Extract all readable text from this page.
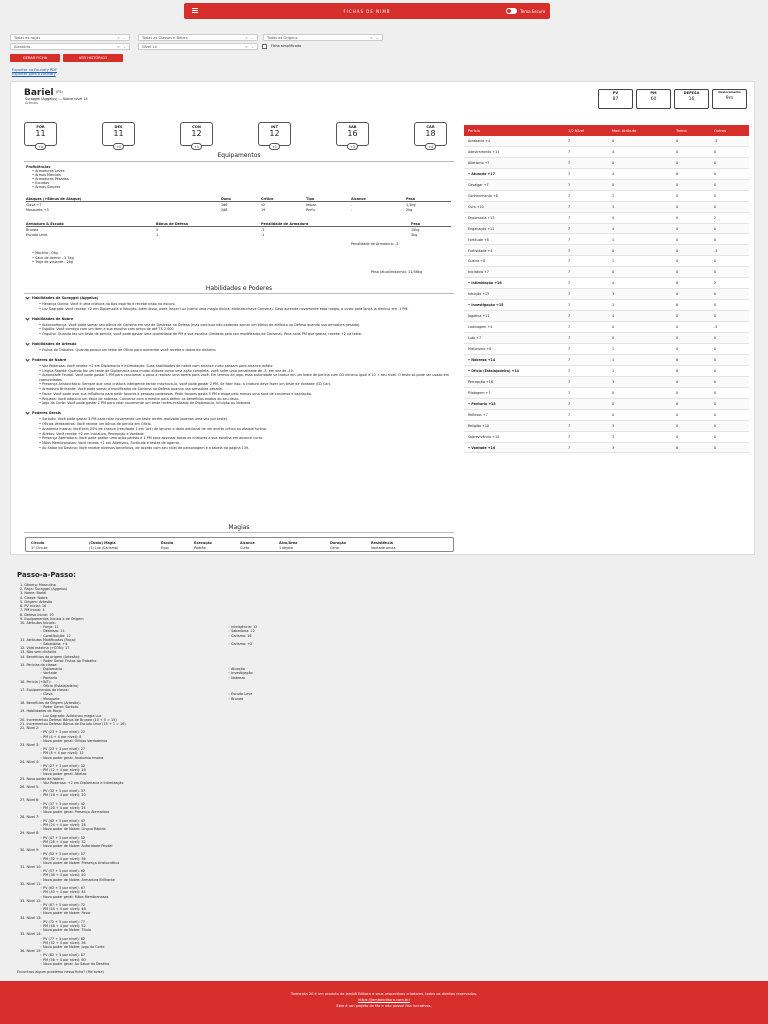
FICHAS DE NIMB	Tema Escuro
Todas as raças	× ⌄	Todas as Classes e Bebes	× ⌄	Todas as Origens	× ⌄
Aleatória	× ⌄	Nível 14	× ⌄	Ficha simplificada
GERAR FICHA	VER HISTÓRICO
Exportar no Foundry PDF
Exportar para o Foundry
Bariel (P1)
Suraggel (Aggelus) — Nobre nível 14
Artesão
PV
87
PM
60
DEFESA
16
Deslocamento
9m
FOR
11
+0
DES
11
+0
CON
12
+1
INT
12
+1
SAB
16
+3
CAR
18
+4
Equipamentos
Proficiências
• Armaduras Leves
• Armas Marciais
• Armaduras Pesadas
• Escudos
• Armas Simples
Ataques (+Bônus de Ataque)	Dano	Crítico	Tipo	Alcance	Peso
Clava +7	1d6	x2	Impac.	-	1,5kg
Mosquete +3	2d8	19	Perfu.	-	2kg
Armadura & Escudo	Bônus de Defesa	Penalidade de Armadura	Peso
Brunea	5	-2	15kg
Escudo Leve	1	-1	3kg
Penalidade de Armadura: -3
• Mochila - 0kg
• Saco de dormir - 2.5kg
• Traje de viajante - 2kg
Peso (atual/máximo): 21/36kg
Habilidades e Poderes
Habilidades de Suraggel (Aggelus)
• Herança Divina: Você é uma criatura do tipo espírito e recebe visão no escuro.
• Luz Sagrada: Você recebe +2 em Diplomacia e Intuição. Além disso, pode lançar Luz (como uma magia divina; atributo-chave Carisma). Caso aprenda novamente essa magia, o custo para lançá-la diminui em -1 PM.
Habilidades de Nobre
• Autoconfiança: Você pode somar seu bônus de Carisma em vez de Destreza na Defesa (mas continua não podendo somar um bônus de atributo na Defesa quando usa armadura pesada).
• Espólio: Você começa com um item a sua escolha com preço de até T$ 2.000.
• Orgulho: Quando faz um teste de perícia, você pode gastar uma quantidade de PM a sua escolha (limitado pelo seu modificador de Carisma). Para cada PM que gastar, recebe +2 no teste.
Habilidades de Artesão
• Frutos do Trabalho: Quando possui um teste de Ofício para aumentar você recebe o dobro do dinheiro.
Poderes de Nobre
• Voz Poderosa: Você recebe +2 em Diplomacia e Intimidação. Suas habilidades de nobre com alcance curto passam para alcance médio.
• Língua Rápida: Quando faz um teste de Diplomacia para mudar atitude como uma ação completa, você sofre uma penalidade de -5, em vez de -10.
• Autoridade Feudal: Você pode gastar 1 PM para conclamar o povo a realizar uma tarefa para você. Em termos de jogo, essa autoridade se traduz em um teste de perícia com CD mínimo igual a 10 + seu nível. O teste só pode ser usado em comunidades.
• Presença Aristocrática: Sempre que uma criatura inteligente tentar machucá-lo, você pode gastar 2 PM. Se fizer isso, a criatura deve fazer um teste de Vontade (CD Car).
• Armadura Brilhante: Você pode somar o modificador de Carisma na Defesa quando usa armadura pesada.
• Favor: Você pode usar sua influência para pedir favores a pessoas poderosas. Pedir favores gasta 5 PM e exige pelo menos uma hora de conversa e bajulação.
• Riqueza: Você adquiriu um título de nobreza. Converse com o mestre para definir os benefícios exatos do seu título.
• Jogo da Corte: Você pode gastar 1 PM para rolar novamente um teste recém-realizado de Diplomacia, Intuição ou Nobreza.
Poderes Gerais
• Sortudo: Você pode gastar 3 PM para rolar novamente um teste recém-realizado (apenas uma vez por teste).
• Ofícios Verdadeiros: Você recebe um bônus de perícia em Ofício.
• Anatomia Insana: Você tem 25% de chance (resultado 1 em 1d4) de ignorar o dano adicional de um acerto crítico ou ataque furtivo.
• Atletas: Você recebe +2 em Iniciativa, Percepção e Vontade.
• Presença Aterradora: Você pode gastar uma ação padrão e 1 PM para assustar todas as criaturas a sua escolha em alcance curto.
• Mãos Membranosas: Você recebe +1 em Atletismo, Fortitude e testes de agarrar.
• Ao Sabor do Destino: Você recebe diversos benefícios, de acordo com seu nível de personagem e a tabela da página 139.
Magias
Círculo	(Custo) Magia	Escola	Execução	Alcance	Alvo/Área	Duração	Resistência
1º Círculo	(1) Luz (Carisma)	Evoc	Padrão	Curto	1 objeto	Cena	Vontade anula
Perícia	1/2 Nível	Mod. Atributo	Treino	Outros
Acrobacia +4	7	0	0	-3
Adestramento +11	7	4	0	0
Atletismo +7	7	0	0	0
• Atuação +17	7	4	6	0
Cavalgar +7	7	0	0	0
Conhecimento +8	7	1	0	0
Cura +10	7	3	0	0
Diplomacia +13	7	4	0	2
Enganação +11	7	4	0	0
Fortitude +8	7	1	0	0
Furtividade +4	7	0	0	-3
Guerra +8	7	1	0	0
Iniciativa +7	7	0	0	0
• Intimidação +18	7	4	6	2
Intuição +15	7	3	0	0
• Investigação +15	7	1	6	0
Jogatina +11	7	4	0	0
Ladinagem +4	7	0	0	-3
Luta +7	7	0	0	0
Misticismo +8	7	1	0	0
• Nobreza +14	7	1	6	0
• Ofício (Estalajadeiro) +14	7	1	6	0
Percepção +16	7	3	0	0
Pilotagem +7	7	0	0	0
• Pontaria +13	7	0	6	0
Reflexos +7	7	0	0	0
Religião +10	7	3	0	0
Sobrevivência +10	7	3	0	0
• Vontade +16	7	3	6	0
Passo-a-Passo:
1. Gênero: Masculino
2. Raça: Suraggel (Aggelus)
3. Nome: Bariel
4. Classe: Nobre
5. Origem: Artesão
6. PV Inicial: 16
7. PM Inicial: 4
8. Defesa Inicial: 10
9. Equipamentos Iniciais e de Origem
10. Atributos Iniciais:
◦ Força: 11
◦ Destreza: 11
◦ Constituição: 12
11. Atributos Modificados (Raça):
◦ Sabedoria: +4
12. Vida máxima (+CON): 17
13. Não sem dinheiro
14. Benefícios da origem (Artesão):
◦ Poder Geral: Frutos do Trabalho
15. Perícias da classe:
◦ Diplomacia
◦ Vontade
◦ Pontaria
16. Perícia (+INT):
◦ Ofício (Estalajadeiro)
17. Equipamentos da classe:
◦ Clava
◦ Mosquete
18. Benefícios da Origem (Artesão):
◦ Poder Geral: Sortudo
19. Habilidades de Raça:
◦ Luz Sagrada: Adicionou magia Luz
20. Incrementou Defesa: Bônus de Brunea (10 + 5 = 15)
21. Incrementou Defesa: Bônus de Escudo Leve (15 + 1 = 16)
22. Nível 2:
◦ PV (23 + 3 por nível): 22
◦ PM (4 + 4 por nível): 8
◦ Novo poder geral: Ofícios Verdadeiros
23. Nível 3:
◦ PV (22 + 3 por nível): 27
◦ PM (8 + 4 por nível): 12
◦ Novo poder geral: Anatomia Insana
24. Nível 4:
◦ PV (27 + 3 por nível): 32
◦ PM (12 + 4 por nível): 16
◦ Novo poder geral: Atletas
25. Novo poder de Nobre:
◦ Voz Poderosa: +2 em Diplomacia e Intimidação
26. Nível 5:
◦ PV (32 + 5 por nível): 37
◦ PM (16 + 4 por nível): 20
27. Nível 6:
◦ PV (37 + 5 por nível): 42
◦ PM (20 + 4 por nível): 24
◦ Novo poder geral: Presença Aterradora
28. Nível 7:
◦ PV (42 + 5 por nível): 47
◦ PM (24 + 4 por nível): 28
◦ Novo poder de Nobre: Língua Rápida
29. Nível 8:
◦ PV (47 + 5 por nível): 52
◦ PM (28 + 4 por nível): 32
◦ Novo poder de Nobre: Autoridade Feudal
30. Nível 9:
◦ PV (52 + 5 por nível): 57
◦ PM (32 + 4 por nível): 36
◦ Novo poder de Nobre: Presença Aristocrática
31. Nível 10:
◦ PV (57 + 5 por nível): 62
◦ PM (36 + 4 por nível): 40
◦ Novo poder de Nobre: Armadura Brilhante
32. Nível 11:
◦ PV (62 + 5 por nível): 67
◦ PM (40 + 4 por nível): 44
◦ Novo poder geral: Mãos Membranosas
33. Nível 12:
◦ PV (67 + 5 por nível): 72
◦ PM (44 + 4 por nível): 48
◦ Novo poder de Nobre: Favor
34. Nível 13:
◦ PV (72 + 5 por nível): 77
◦ PM (48 + 4 por nível): 52
◦ Novo poder de Nobre: Título
35. Nível 14:
◦ PV (77 + 5 por nível): 82
◦ PM (52 + 4 por nível): 56
◦ Novo poder de Nobre: Jogo da Corte
36. Nível 15:
◦ PV (82 + 5 por nível): 87
◦ PM (56 + 4 por nível): 60
◦ Novo poder geral: Ao Sabor do Destino
◦ Inteligência: 12
◦ Sabedoria: 12
◦ Carisma: 16
◦ Carisma: +2
◦ Atuação
◦ Investigação
◦ Nobreza
◦ Escudo Leve
◦ Brunea
Encontrou algum problema nessa ficha? (Me avise)
Tormenta 20 é um produto da Jambô Editora e seus respectivos criadores, todos os direitos reservados.
https://jamboeditora.com.br/
Este é um projeto de fãs e não possui fins lucrativos.
